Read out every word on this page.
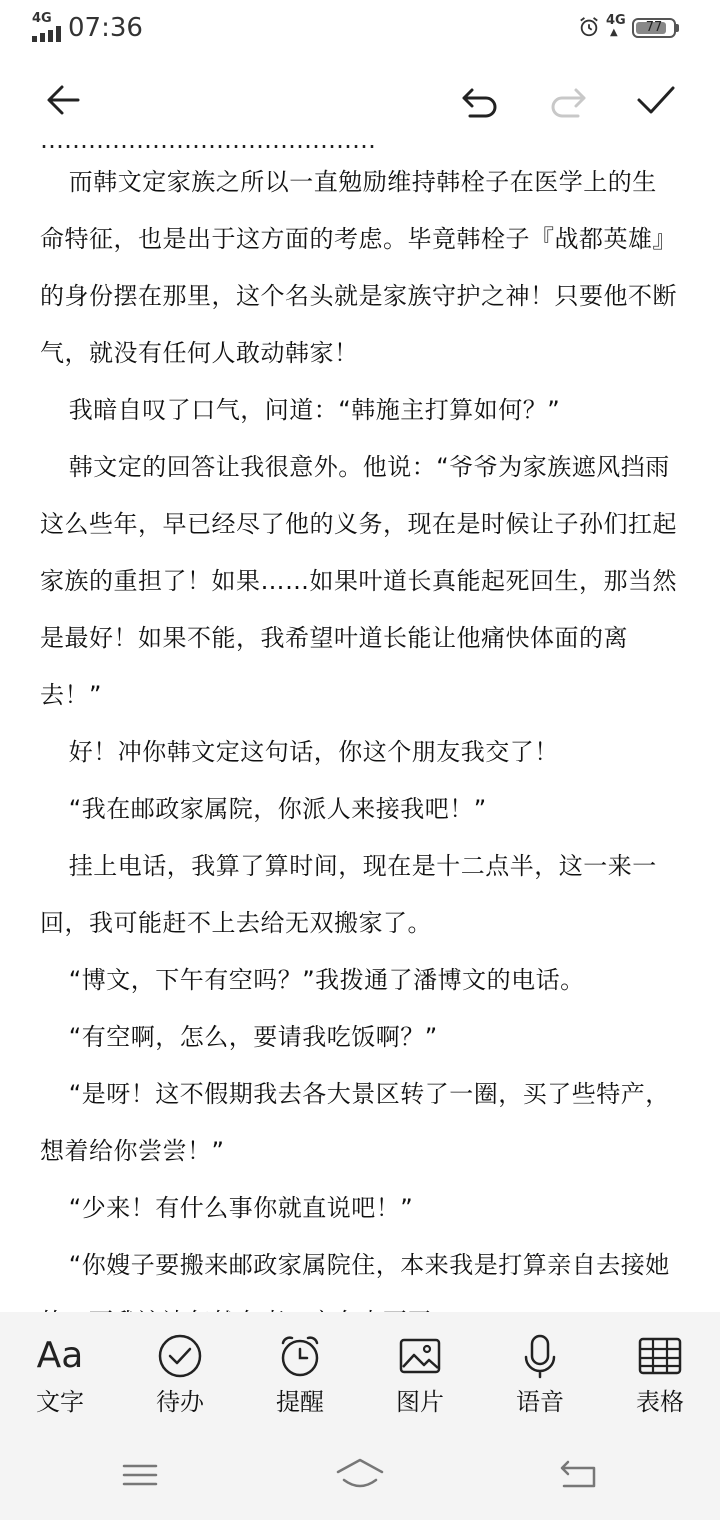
4G 07:36	4G
▲	77
……………………………………

而韩文定家族之所以一直勉励维持韩栓子在医学上的生命特征，也是出于这方面的考虑。毕竟韩栓子『战都英雄』的身份摆在那里，这个名头就是家族守护之神！只要他不断气，就没有任何人敢动韩家！

我暗自叹了口气，问道：“韩施主打算如何？”

韩文定的回答让我很意外。他说：“爷爷为家族遮风挡雨这么些年，早已经尽了他的义务，现在是时候让子孙们扛起家族的重担了！如果……如果叶道长真能起死回生，那当然是最好！如果不能，我希望叶道长能让他痛快体面的离去！”

好！冲你韩文定这句话，你这个朋友我交了！

“我在邮政家属院，你派人来接我吧！”

挂上电话，我算了算时间，现在是十二点半，这一来一回，我可能赶不上去给无双搬家了。

“博文，下午有空吗？”我拨通了潘博文的电话。

“有空啊，怎么，要请我吃饭啊？”

“是呀！这不假期我去各大景区转了一圈，买了些特产，想着给你尝尝！”

“少来！有什么事你就直说吧！”

“你嫂子要搬来邮政家属院住，本来我是打算亲自去接她

Aa
文字	待办	提醒	图片	语音	表格
